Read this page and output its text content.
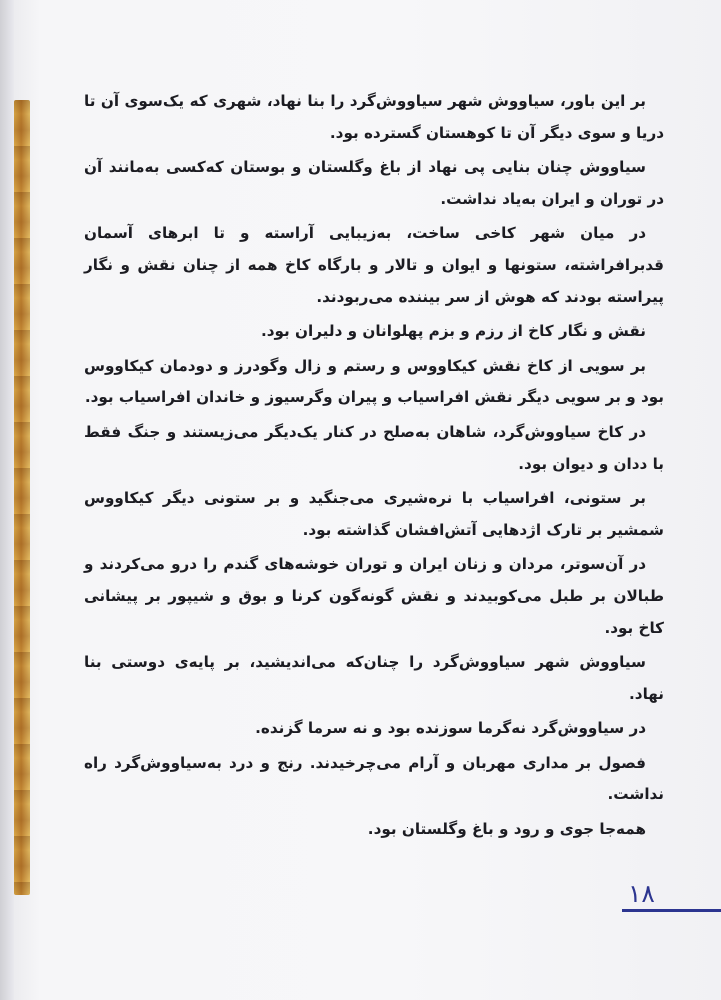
بر این باور، سیاووش شهر سیاووش‌گرد را بنا نهاد، شهری که یک‌سوی آن تا دریا و سوی دیگر آن تا کوهستان گسترده بود.

سیاووش چنان بنایی پی نهاد از باغ وگلستان و بوستان که‌کسی به‌مانند آن در توران و ایران به‌یاد نداشت.

در میان شهر کاخی ساخت، به‌زیبایی آراسته و تا ابرهای آسمان قدبرافراشته، ستونها و ایوان و تالار و بارگاه کاخ همه از چنان نقش و نگار پیراسته بودند که هوش از سر بیننده می‌ربودند.

نقش و نگار کاخ از رزم و بزم پهلوانان و دلیران بود.

بر سویی از کاخ نقش کیکاووس و رستم و زال وگودرز و دودمان کیکاووس بود و بر سویی دیگر نقش افراسیاب و پیران وگرسیوز و خاندان افراسیاب بود.

در کاخ سیاووش‌گرد، شاهان به‌صلح در کنار یک‌دیگر می‌زیستند و جنگ فقط با ددان و دیوان بود.

بر ستونی، افراسیاب با نره‌شیری می‌جنگید و بر ستونی دیگر کیکاووس شمشیر بر تارک اژدهایی آتش‌افشان گذاشته بود.

در آن‌سوتر، مردان و زنان ایران و توران خوشه‌های گندم را درو می‌کردند و طبالان بر طبل می‌کوبیدند و نقش گونه‌گون کرنا و بوق و شیپور بر پیشانی کاخ بود.

سیاووش شهر سیاووش‌گرد را چنان‌که می‌اندیشید، بر پایه‌ی دوستی بنا نهاد.

در سیاووش‌گرد نه‌گرما سوزنده بود و نه سرما گزنده.

فصول بر مداری مهربان و آرام می‌چرخیدند. رنج و درد به‌سیاووش‌گرد راه نداشت.

همه‌جا جوی و رود و باغ وگلستان بود.

۱۸
